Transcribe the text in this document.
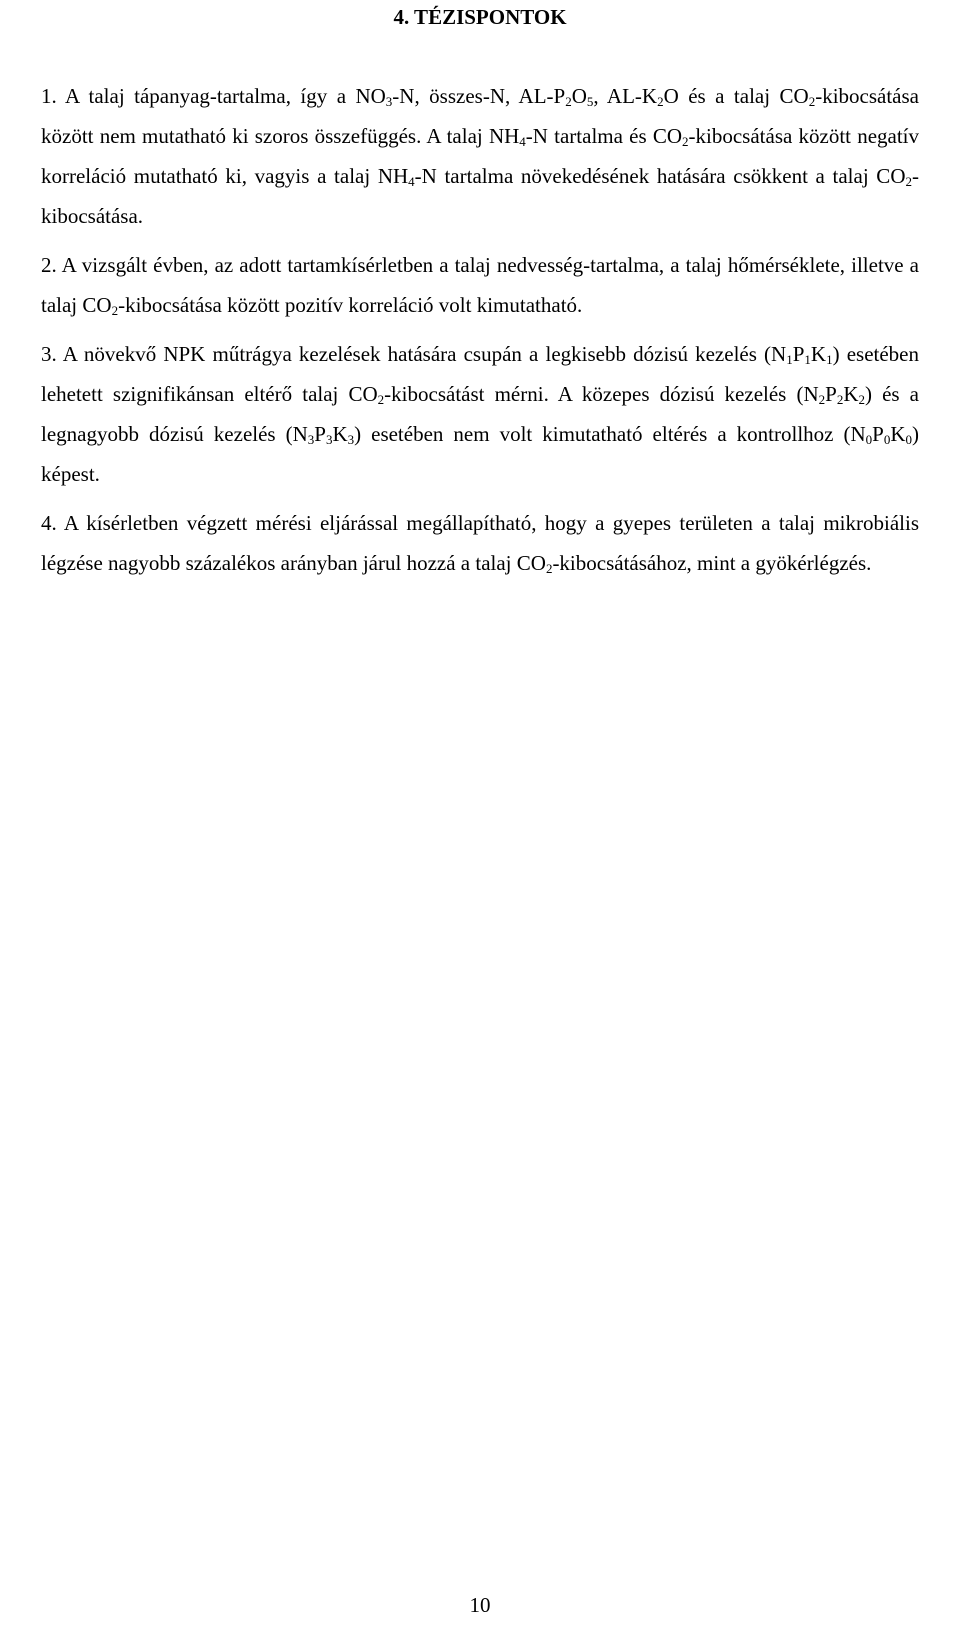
4. TÉZISPONTOK

1. A talaj tápanyag-tartalma, így a $NO_3-N$, összes-N, $AL-P_2O_5$, $AL-K_2O$ és a talaj $CO_2$-kibocsátása között nem mutatható ki szoros összefüggés. A talaj $NH_4-N$ tartalma és $CO_2$-kibocsátása között negatív korreláció mutatható ki, vagyis a talaj $NH_4-N$ tartalma növekedésének hatására csökkent a talaj $CO_2$-kibocsátása.

2. A vizsgált évben, az adott tartamkísérletben a talaj nedvesség-tartalma, a talaj hőmérséklete, illetve a talaj $CO_2$-kibocsátása között pozitív korreláció volt kimutatható.

3. A növekvő NPK műtrágya kezelések hatására csupán a legkisebb dózisú kezelés $(N_1P_1K_1)$ esetében lehetett szignifikánsan eltérő talaj $CO_2$-kibocsátást mérni. A közepes dózisú kezelés $(N_2P_2K_2)$ és a legnagyobb dózisú kezelés $(N_3P_3K_3)$ esetében nem volt kimutatható eltérés a kontrollhoz $(N_0P_0K_0)$ képest.

4. A kísérletben végzett mérési eljárással megállapítható, hogy a gyepes területen a talaj mikrobiális légzése nagyobb százalékos arányban járul hozzá a talaj $CO_2$-kibocsátásához, mint a gyökérlégzés.

10
